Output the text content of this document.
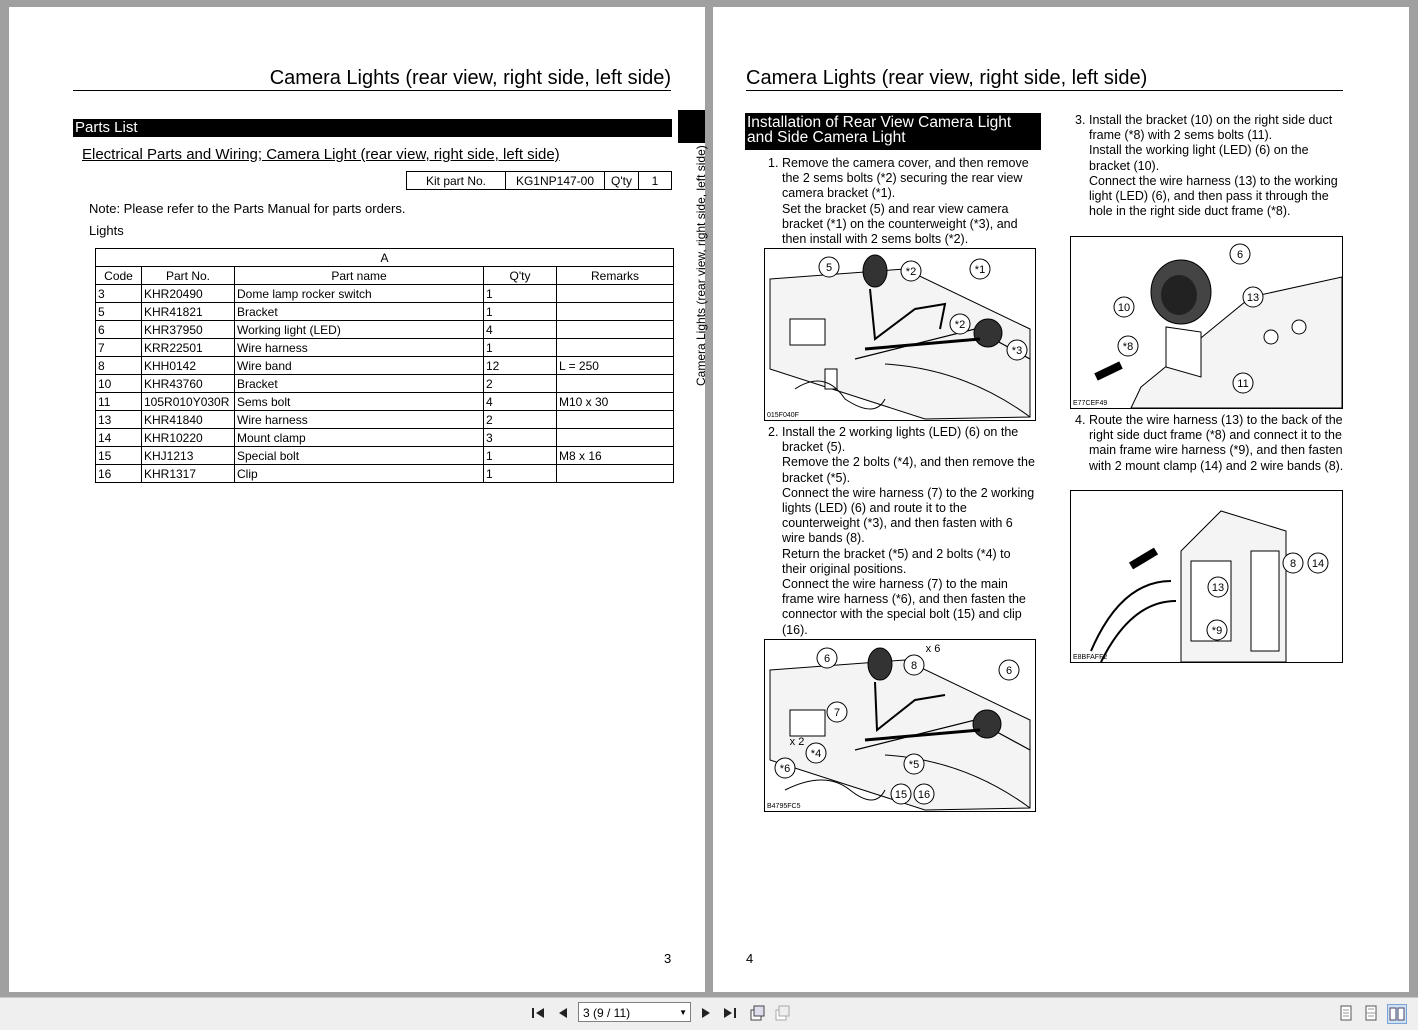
Camera Lights (rear view, right side, left side)
Parts List
Camera Lights (rear view, right side, left side)
Electrical Parts and Wiring; Camera Light (rear view, right side, left side)
Kit part No.	KG1NP147-00	Q'ty	1
Note: Please refer to the Parts Manual for parts orders.
Lights
A				
Code	Part No.	Part name	Q'ty	Remarks
3	KHR20490	Dome lamp rocker switch	1	
5	KHR41821	Bracket	1	
6	KHR37950	Working light (LED)	4	
7	KRR22501	Wire harness	1	
8	KHH0142	Wire band	12	L = 250
10	KHR43760	Bracket	2	
11	105R010Y030R	Sems bolt	4	M10 x 30
13	KHR41840	Wire harness	2	
14	KHR10220	Mount clamp	3	
15	KHJ1213	Special bolt	1	M8 x 16
16	KHR1317	Clip	1	
3
Camera Lights (rear view, right side, left side)
Installation of Rear View Camera Light and Side Camera Light
1. Remove the camera cover, and then remove the 2 sems bolts (*2) securing the rear view camera bracket (*1).

Set the bracket (5) and rear view camera bracket (*1) on the counterweight (*3), and then install with 2 sems bolts (*2).

5	*2	*1
*2
*3
015F040F
2. Install the 2 working lights (LED) (6) on the bracket (5).

Remove the 2 bolts (*4), and then remove the bracket (*5).

Connect the wire harness (7) to the 2 working lights (LED) (6) and route it to the counterweight (*3), and then fasten with 6 wire bands (8).

Return the bracket (*5) and 2 bolts (*4) to their original positions.

Connect the wire harness (7) to the main frame wire harness (*6), and then fasten the connector with the special bolt (15) and clip (16).

6
8
x 6
6
7
x 2
*4
*6	*5
15 16
B4795FC5
3. Install the bracket (10) on the right side duct frame (*8) with 2 sems bolts (11).

Install the working light (LED) (6) on the bracket (10).

Connect the wire harness (13) to the working light (LED) (6), and then pass it through the hole in the right side duct frame (*8).

6
10
13
*8
11
E77CEF49
4. Route the wire harness (13) to the back of the right side duct frame (*8) and connect it to the main frame wire harness (*9), and then fasten with 2 mount clamp (14) and 2 wire bands (8).

8 14
13
*9
E8BFAFF2
4
3 (9 / 11)	▼
